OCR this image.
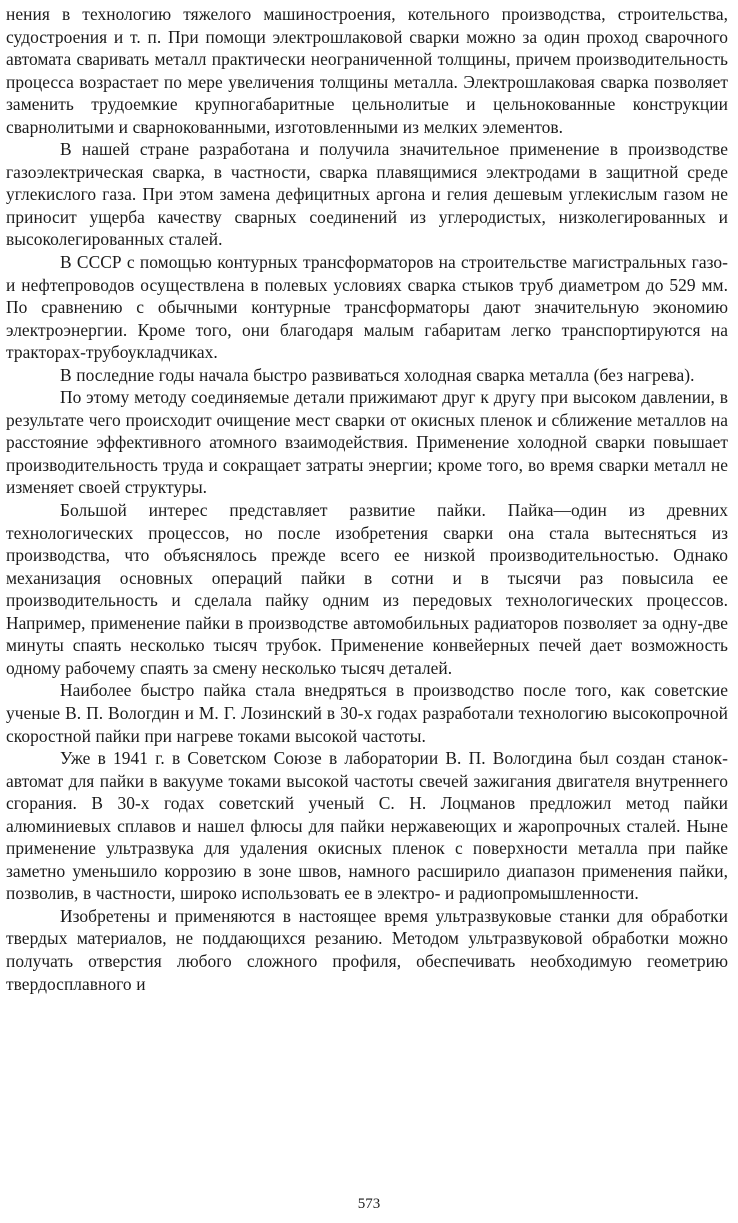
нения в технологию тяжелого машиностроения, котельного производства, строительства, судостроения и т. п. При помощи электрошлаковой сварки можно за один проход сварочного автомата сваривать металл практически неограниченной толщины, причем производительность процесса возрастает по мере увеличения толщины металла. Электрошлаковая сварка позволяет заменить трудоемкие крупногабаритные цельнолитые и цельнокованные конструкции сварнолитыми и сварнокованными, изготовленными из мелких элементов.

В нашей стране разработана и получила значительное применение в производстве газоэлектрическая сварка, в частности, сварка плавящимися электродами в защитной среде углекислого газа. При этом замена дефицитных аргона и гелия дешевым углекислым газом не приносит ущерба качеству сварных соединений из углеродистых, низколегированных и высоколегированных сталей.

В СССР с помощью контурных трансформаторов на строительстве магистральных газо-и нефтепроводов осуществлена в полевых условиях сварка стыков труб диаметром до 529 мм. По сравнению с обычными контурные трансформаторы дают значительную экономию электроэнергии. Кроме того, они благодаря малым габаритам легко транспортируются на тракторах-трубоукладчиках.

В последние годы начала быстро развиваться холодная сварка металла (без нагрева).

По этому методу соединяемые детали прижимают друг к другу при высоком давлении, в результате чего происходит очищение мест сварки от окисных пленок и сближение металлов на расстояние эффективного атомного взаимодействия. Применение холодной сварки повышает производительность труда и сокращает затраты энергии; кроме того, во время сварки металл не изменяет своей структуры.

Большой интерес представляет развитие пайки. Пайка—один из древних технологических процессов, но после изобретения сварки она стала вытесняться из производства, что объяснялось прежде всего ее низкой производительностью. Однако механизация основных операций пайки в сотни и в тысячи раз повысила ее производительность и сделала пайку одним из передовых технологических процессов. Например, применение пайки в производстве автомобильных радиаторов позволяет за одну-две минуты спаять несколько тысяч трубок. Применение конвейерных печей дает возможность одному рабочему спаять за смену несколько тысяч деталей.

Наиболее быстро пайка стала внедряться в производство после того, как советские ученые В. П. Вологдин и М. Г. Лозинский в 30-х годах разработали технологию высокопрочной скоростной пайки при нагреве токами высокой частоты.

Уже в 1941 г. в Советском Союзе в лаборатории В. П. Вологдина был создан станок-автомат для пайки в вакууме токами высокой частоты свечей зажигания двигателя внутреннего сгорания. В 30-х годах советский ученый С. Н. Лоцманов предложил метод пайки алюминиевых сплавов и нашел флюсы для пайки нержавеющих и жаропрочных сталей. Ныне применение ультразвука для удаления окисных пленок с поверхности металла при пайке заметно уменьшило коррозию в зоне швов, намного расширило диапазон применения пайки, позволив, в частности, широко использовать ее в электро- и радиопромышленности.

Изобретены и применяются в настоящее время ультразвуковые станки для обработки твердых материалов, не поддающихся резанию. Методом ультразвуковой обработки можно получать отверстия любого сложного профиля, обеспечивать необходимую геометрию твердосплавного и

573
